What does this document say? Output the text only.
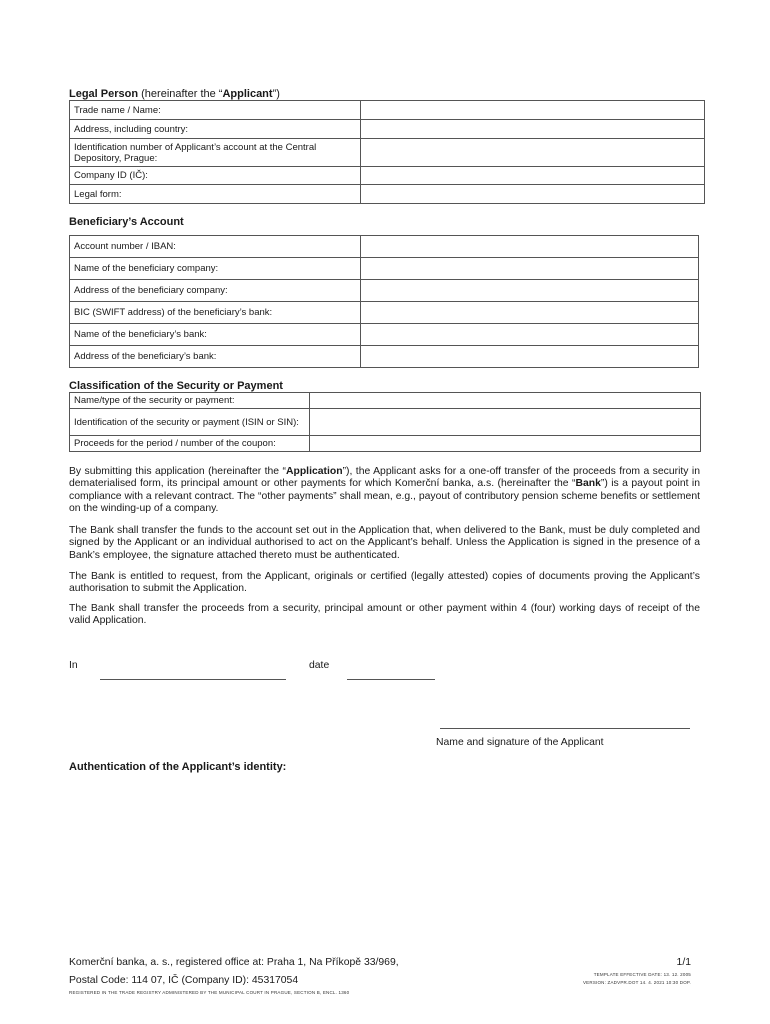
Legal Person (hereinafter the “Applicant”)
Trade name / Name:	
Address, including country:	
Identification number of Applicant’s account at the Central Depository, Prague:	
Company ID (IČ):	
Legal form:	
Beneficiary’s Account
Account number / IBAN:	
Name of the beneficiary company:	
Address of the beneficiary company:	
BIC (SWIFT address) of the beneficiary’s bank:	
Name of the beneficiary’s bank:	
Address of the beneficiary’s bank:	
Classification of the Security or Payment
Name/type of the security or payment:	
Identification of the security or payment (ISIN or SIN):	
Proceeds for the period / number of the coupon:	
By submitting this application (hereinafter the “Application”), the Applicant asks for a one-off transfer of the proceeds from a security in dematerialised form, its principal amount or other payments for which Komerční banka, a.s. (hereinafter the “Bank”) is a payout point in compliance with a relevant contract. The “other payments” shall mean, e.g., payout of contributory pension scheme benefits or settlement on the winding-up of a company.
The Bank shall transfer the funds to the account set out in the Application that, when delivered to the Bank, must be duly completed and signed by the Applicant or an individual authorised to act on the Applicant’s behalf. Unless the Application is signed in the presence of a Bank’s employee, the signature attached thereto must be authenticated.
The Bank is entitled to request, from the Applicant, originals or certified (legally attested) copies of documents proving the Applicant’s authorisation to submit the Application.
The Bank shall transfer the proceeds from a security, principal amount or other payment within 4 (four) working days of receipt of the valid Application.
In	date
Name and signature of the Applicant
Authentication of the Applicant’s identity:
Komerční banka, a. s., registered office at: Praha 1, Na Příkopě 33/969,
Postal Code: 114 07, IČ (Company ID): 45317054
REGISTERED IN THE TRADE REGISTRY ADMINISTERED BY THE MUNICIPAL COURT IN PRAGUE, SECTION B, ENCL. 1360
1/1
TEMPLATE EFFECTIVE DATE: 13. 12. 2005
VERSION: ZADVPR.DOT 14. 4. 2021 10:30 DOP.
